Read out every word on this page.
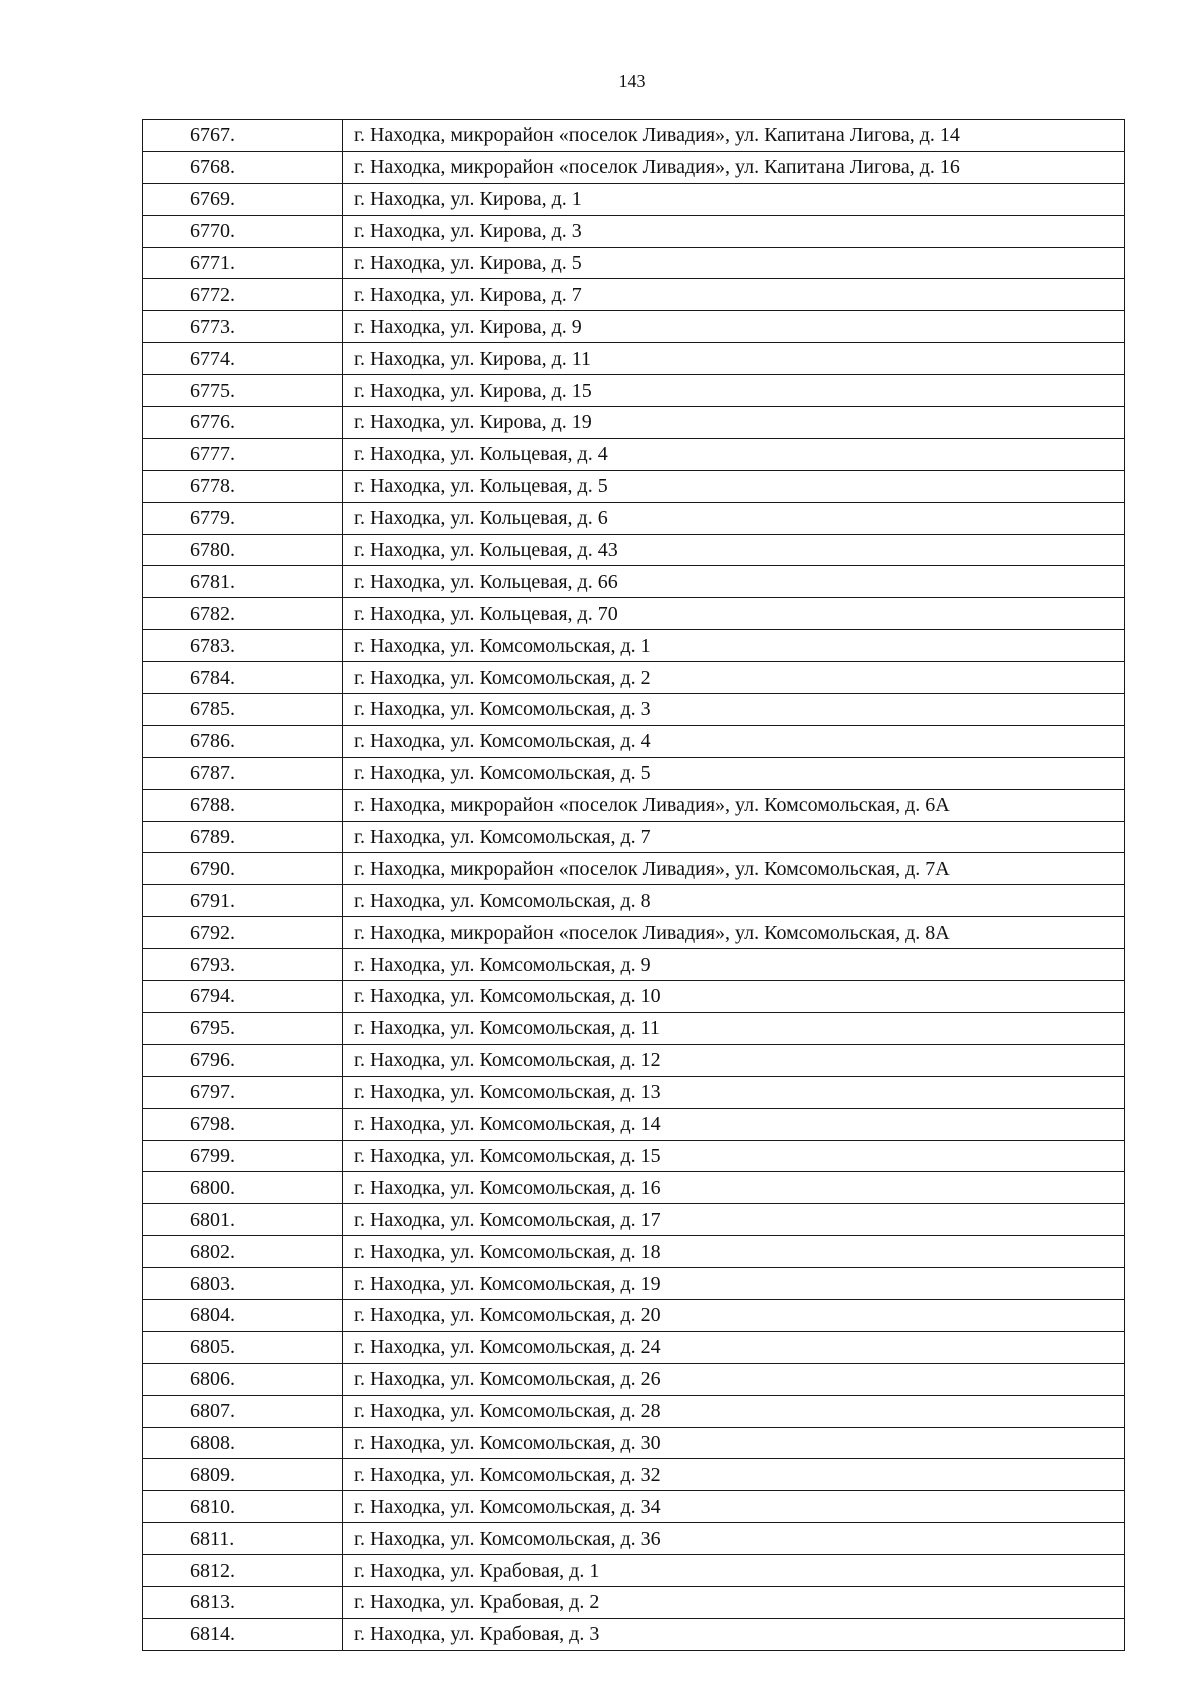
143
6767.	г. Находка, микрорайон «поселок Ливадия», ул. Капитана Лигова, д. 14
6768.	г. Находка, микрорайон «поселок Ливадия», ул. Капитана Лигова, д. 16
6769.	г. Находка, ул. Кирова, д. 1
6770.	г. Находка, ул. Кирова, д. 3
6771.	г. Находка, ул. Кирова, д. 5
6772.	г. Находка, ул. Кирова, д. 7
6773.	г. Находка, ул. Кирова, д. 9
6774.	г. Находка, ул. Кирова, д. 11
6775.	г. Находка, ул. Кирова, д. 15
6776.	г. Находка, ул. Кирова, д. 19
6777.	г. Находка, ул. Кольцевая, д. 4
6778.	г. Находка, ул. Кольцевая, д. 5
6779.	г. Находка, ул. Кольцевая, д. 6
6780.	г. Находка, ул. Кольцевая, д. 43
6781.	г. Находка, ул. Кольцевая, д. 66
6782.	г. Находка, ул. Кольцевая, д. 70
6783.	г. Находка, ул. Комсомольская, д. 1
6784.	г. Находка, ул. Комсомольская, д. 2
6785.	г. Находка, ул. Комсомольская, д. 3
6786.	г. Находка, ул. Комсомольская, д. 4
6787.	г. Находка, ул. Комсомольская, д. 5
6788.	г. Находка, микрорайон «поселок Ливадия», ул. Комсомольская, д. 6А
6789.	г. Находка, ул. Комсомольская, д. 7
6790.	г. Находка, микрорайон «поселок Ливадия», ул. Комсомольская, д. 7А
6791.	г. Находка, ул. Комсомольская, д. 8
6792.	г. Находка, микрорайон «поселок Ливадия», ул. Комсомольская, д. 8А
6793.	г. Находка, ул. Комсомольская, д. 9
6794.	г. Находка, ул. Комсомольская, д. 10
6795.	г. Находка, ул. Комсомольская, д. 11
6796.	г. Находка, ул. Комсомольская, д. 12
6797.	г. Находка, ул. Комсомольская, д. 13
6798.	г. Находка, ул. Комсомольская, д. 14
6799.	г. Находка, ул. Комсомольская, д. 15
6800.	г. Находка, ул. Комсомольская, д. 16
6801.	г. Находка, ул. Комсомольская, д. 17
6802.	г. Находка, ул. Комсомольская, д. 18
6803.	г. Находка, ул. Комсомольская, д. 19
6804.	г. Находка, ул. Комсомольская, д. 20
6805.	г. Находка, ул. Комсомольская, д. 24
6806.	г. Находка, ул. Комсомольская, д. 26
6807.	г. Находка, ул. Комсомольская, д. 28
6808.	г. Находка, ул. Комсомольская, д. 30
6809.	г. Находка, ул. Комсомольская, д. 32
6810.	г. Находка, ул. Комсомольская, д. 34
6811.	г. Находка, ул. Комсомольская, д. 36
6812.	г. Находка, ул. Крабовая, д. 1
6813.	г. Находка, ул. Крабовая, д. 2
6814.	г. Находка, ул. Крабовая, д. 3
